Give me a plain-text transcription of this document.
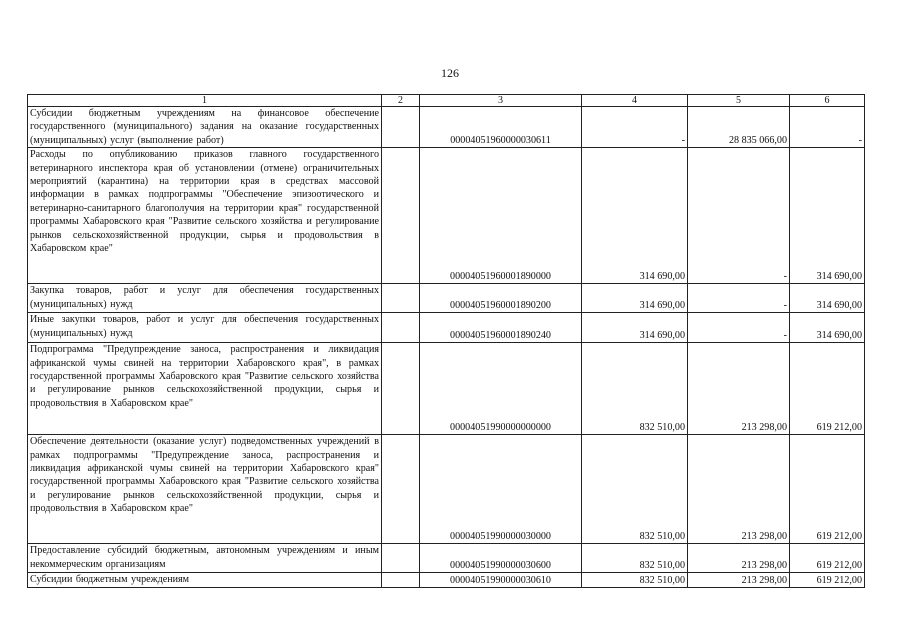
126
1	2	3	4	5	6
Субсидии бюджетным учреждениям на финансовое обеспечение государственного (муниципального) задания на оказание государственных (муниципальных) услуг (выполнение работ)		00004051960000030611	-	28 835 066,00	-
Расходы по опубликованию приказов главного государственного ветеринарного инспектора края об установлении (отмене) ограничительных мероприятий (карантина) на территории края в средствах массовой информации в рамках подпрограммы "Обеспечение эпизоотического и ветеринарно-санитарного благополучия на территории края" государственной программы Хабаровского края "Развитие сельского хозяйства и регулирование рынков сельскохозяйственной продукции, сырья и продовольствия в Хабаровском крае"		00004051960001890000	314 690,00	-	314 690,00
Закупка товаров, работ и услуг для обеспечения государственных (муниципальных) нужд		00004051960001890200	314 690,00	-	314 690,00
Иные закупки товаров, работ и услуг для обеспечения государственных (муниципальных) нужд		00004051960001890240	314 690,00	-	314 690,00
Подпрограмма "Предупреждение заноса, распространения и ликвидация африканской чумы свиней на территории Хабаровского края", в рамках государственной программы Хабаровского края "Развитие сельского хозяйства и регулирование рынков сельскохозяйственной продукции, сырья и продовольствия в Хабаровском крае"		00004051990000000000	832 510,00	213 298,00	619 212,00
Обеспечение деятельности (оказание услуг) подведомственных учреждений в рамках подпрограммы "Предупреждение заноса, распространения и ликвидация африканской чумы свиней на территории Хабаровского края" государственной программы Хабаровского края "Развитие сельского хозяйства и регулирование рынков сельскохозяйственной продукции, сырья и продовольствия в Хабаровском крае"		00004051990000030000	832 510,00	213 298,00	619 212,00
Предоставление субсидий бюджетным, автономным учреждениям и иным некоммерческим организациям		00004051990000030600	832 510,00	213 298,00	619 212,00
Субсидии бюджетным учреждениям		00004051990000030610	832 510,00	213 298,00	619 212,00
